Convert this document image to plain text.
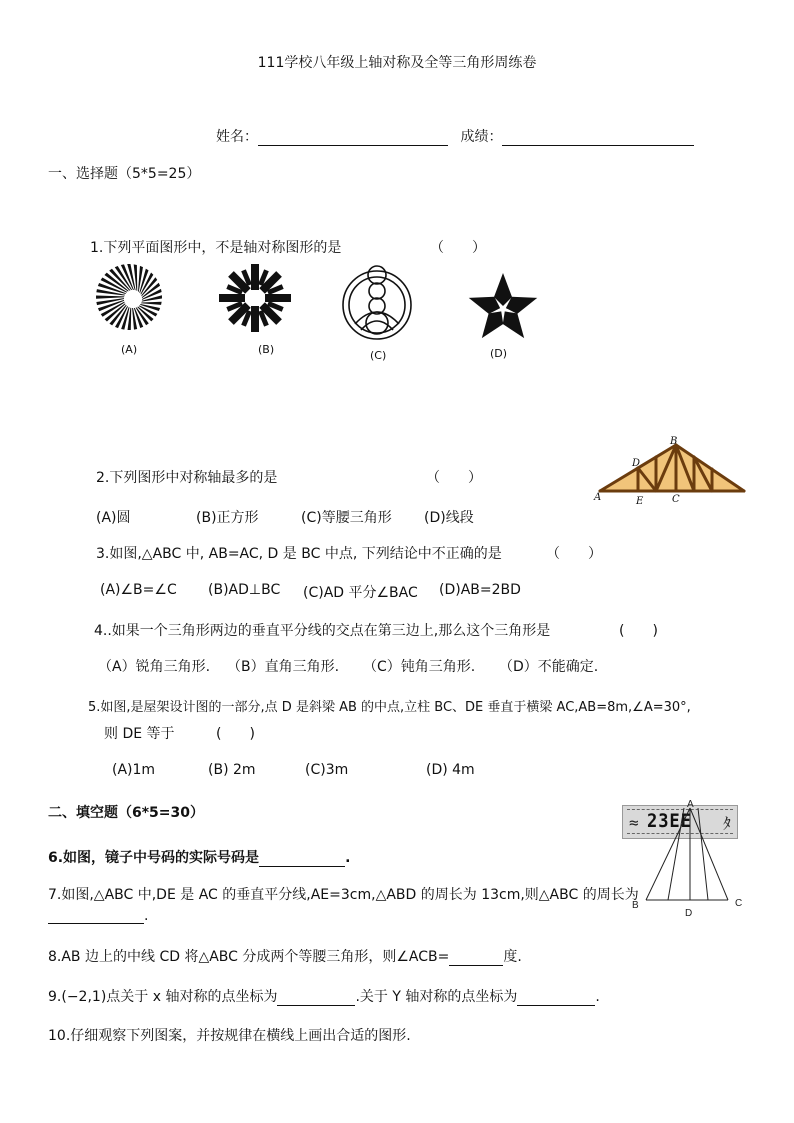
111学校八年级上轴对称及全等三角形周练卷
姓名：	成绩：
一、选择题（5*5=25）
1.下列平面图形中，不是轴对称图形的是	（　　）
(A)	(B)	(C)	(D)
B
D
A	E	C
2.下列图形中对称轴最多的是	（　　）
(A)圆	(B)正方形	(C)等腰三角形 (D)线段
3.如图,△ABC 中, AB=AC, D 是 BC 中点, 下列结论中不正确的是	（　　）
(A)∠B=∠C (B)AD⊥BC (C)AD 平分∠BAC (D)AB=2BD
4..如果一个三角形两边的垂直平分线的交点在第三边上,那么这个三角形是	(　　)
（A）锐角三角形. （B）直角三角形. （C）钝角三角形. （D）不能确定.
5.如图,是屋架设计图的一部分,点 D 是斜梁 AB 的中点,立柱 BC、DE 垂直于横梁 AC,AB=8m,∠A=30°,
则 DE 等于	(　　)
(A)1m	(B) 2m	(C)3m	(D) 4m
二、填空题（6*5=30）	≈ 23EE ﾀ
A
B	C
D
6.如图，镜子中号码的实际号码是	.
7.如图,△ABC 中,DE 是 AC 的垂直平分线,AE=3cm,△ABD 的周长为 13cm,则△ABC 的周长为
.
8.AB 边上的中线 CD 将△ABC 分成两个等腰三角形，则∠ACB=	度.
9.(−2,1)点关于 x 轴对称的点坐标为	.关于 Y 轴对称的点坐标为	.
10.仔细观察下列图案，并按规律在横线上画出合适的图形.
